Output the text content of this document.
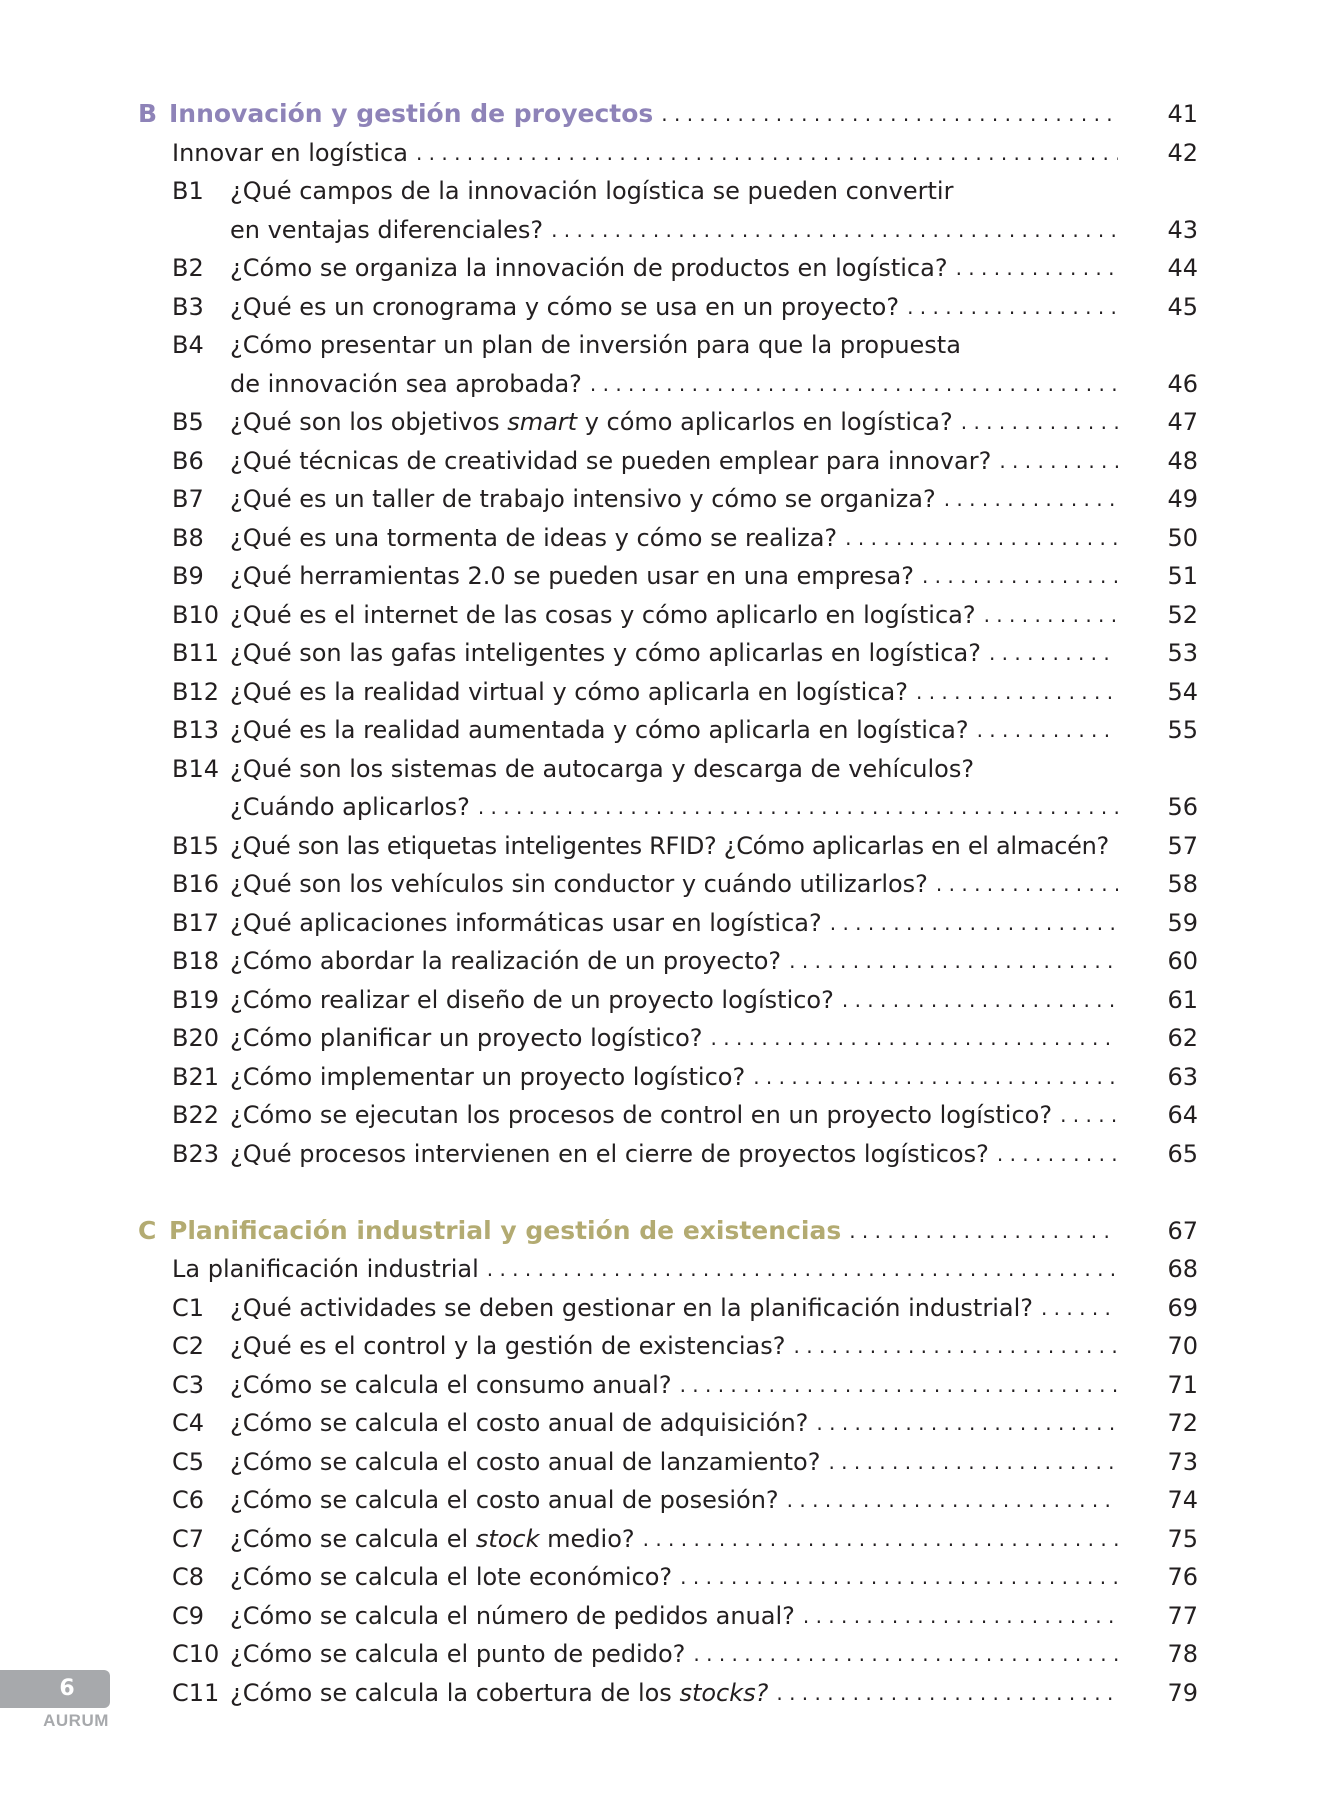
B Innovación y gestión de proyectos . . .	41
Innovar en logística . . .	42
B1	¿Qué campos de la innovación logística se pueden convertir
en ventajas diferenciales? . . .	43
B2	¿Cómo se organiza la innovación de productos en logística? . . .	44
B3	¿Qué es un cronograma y cómo se usa en un proyecto? . . .	45
B4	¿Cómo presentar un plan de inversión para que la propuesta
de innovación sea aprobada? . . .	46
B5	¿Qué son los objetivos smart y cómo aplicarlos en logística? . . .	47
B6	¿Qué técnicas de creatividad se pueden emplear para innovar? . . .	48
B7	¿Qué es un taller de trabajo intensivo y cómo se organiza? . . .	49
B8	¿Qué es una tormenta de ideas y cómo se realiza? . . .	50
B9	¿Qué herramientas 2.0 se pueden usar en una empresa? . . .	51
B10 ¿Qué es el internet de las cosas y cómo aplicarlo en logística? . . .	52
B11 ¿Qué son las gafas inteligentes y cómo aplicarlas en logística? . . .	53
B12 ¿Qué es la realidad virtual y cómo aplicarla en logística? . . .	54
B13 ¿Qué es la realidad aumentada y cómo aplicarla en logística? . . .	55
B14 ¿Qué son los sistemas de autocarga y descarga de vehículos?
¿Cuándo aplicarlos? . . .	56
B15 ¿Qué son las etiquetas inteligentes RFID? ¿Cómo aplicarlas en el almacén? . . .	57
B16 ¿Qué son los vehículos sin conductor y cuándo utilizarlos? . . .	58
B17 ¿Qué aplicaciones informáticas usar en logística? . . .	59
B18 ¿Cómo abordar la realización de un proyecto? . . .	60
B19 ¿Cómo realizar el diseño de un proyecto logístico? . . .	61
B20 ¿Cómo planificar un proyecto logístico? . . .	62
B21 ¿Cómo implementar un proyecto logístico? . . .	63
B22 ¿Cómo se ejecutan los procesos de control en un proyecto logístico? . . .	64
B23 ¿Qué procesos intervienen en el cierre de proyectos logísticos? . . .	65
C Planificación industrial y gestión de existencias . . .	67
La planificación industrial . . .	68
C1	¿Qué actividades se deben gestionar en la planificación industrial? . . .	69
C2	¿Qué es el control y la gestión de existencias? . . .	70
C3	¿Cómo se calcula el consumo anual? . . .	71
C4	¿Cómo se calcula el costo anual de adquisición? . . .	72
C5	¿Cómo se calcula el costo anual de lanzamiento? . . .	73
C6	¿Cómo se calcula el costo anual de posesión? . . .	74
C7	¿Cómo se calcula el stock medio? . . .	75
C8	¿Cómo se calcula el lote económico? . . .	76
C9	¿Cómo se calcula el número de pedidos anual? . . .	77
C10 ¿Cómo se calcula el punto de pedido? . . .	78
C11 ¿Cómo se calcula la cobertura de los stocks? . . .	79
6
AURUM
